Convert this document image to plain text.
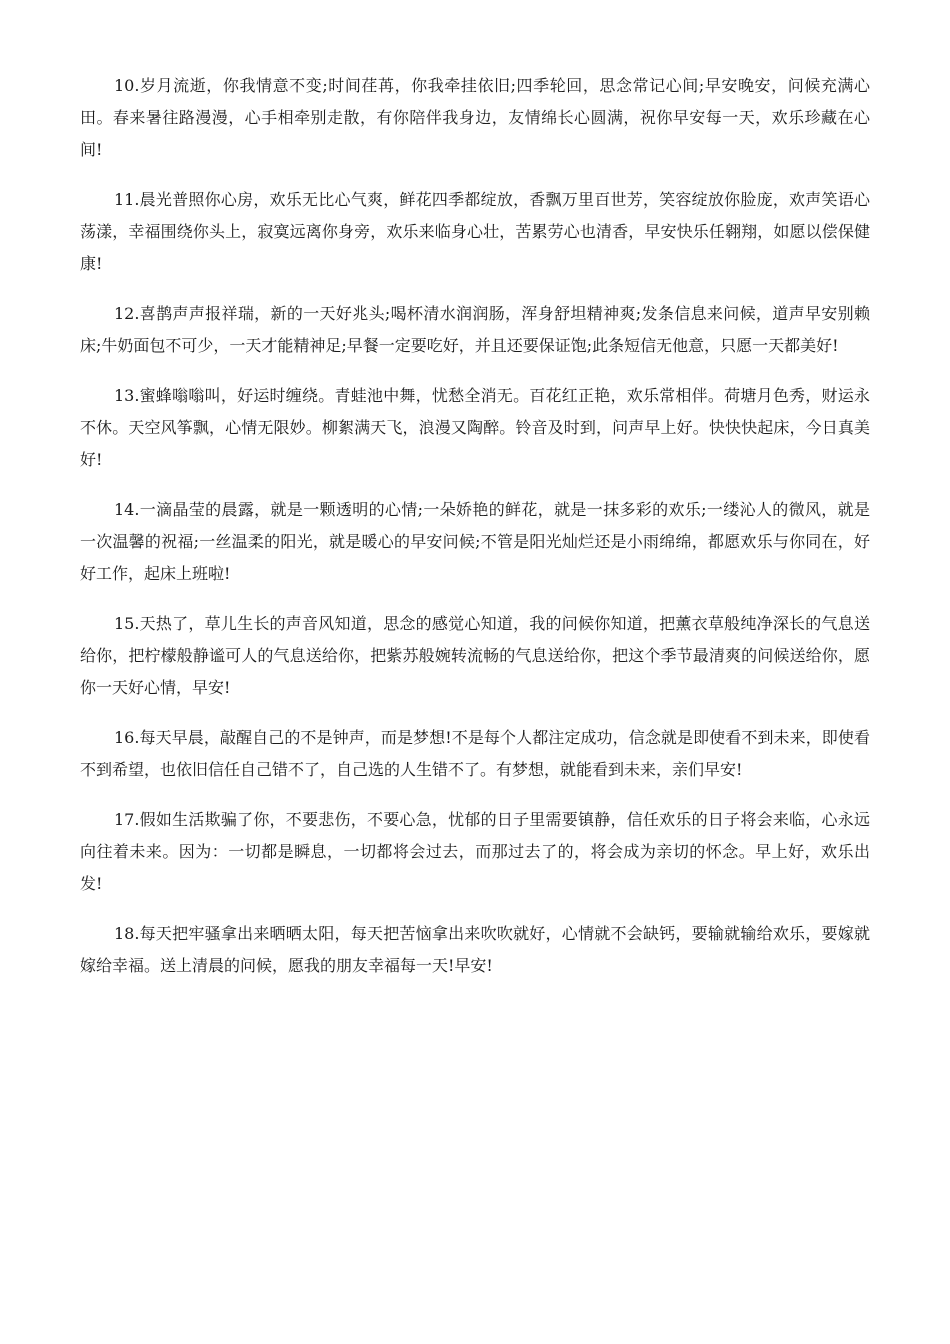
10.岁月流逝，你我情意不变;时间荏苒，你我牵挂依旧;四季轮回，思念常记心间;早安晚安，问候充满心田。春来暑往路漫漫，心手相牵别走散，有你陪伴我身边，友情绵长心圆满，祝你早安每一天，欢乐珍藏在心间!

11.晨光普照你心房，欢乐无比心气爽，鲜花四季都绽放，香飘万里百世芳，笑容绽放你脸庞，欢声笑语心荡漾，幸福围绕你头上，寂寞远离你身旁，欢乐来临身心壮，苦累劳心也清香，早安快乐任翱翔，如愿以偿保健康!

12.喜鹊声声报祥瑞，新的一天好兆头;喝杯清水润润肠，浑身舒坦精神爽;发条信息来问候，道声早安别赖床;牛奶面包不可少，一天才能精神足;早餐一定要吃好，并且还要保证饱;此条短信无他意，只愿一天都美好!

13.蜜蜂嗡嗡叫，好运时缠绕。青蛙池中舞，忧愁全消无。百花红正艳，欢乐常相伴。荷塘月色秀，财运永不休。天空风筝飘，心情无限妙。柳絮满天飞，浪漫又陶醉。铃音及时到，问声早上好。快快快起床，今日真美好!

14.一滴晶莹的晨露，就是一颗透明的心情;一朵娇艳的鲜花，就是一抹多彩的欢乐;一缕沁人的微风，就是一次温馨的祝福;一丝温柔的阳光，就是暖心的早安问候;不管是阳光灿烂还是小雨绵绵，都愿欢乐与你同在，好好工作，起床上班啦!

15.天热了，草儿生长的声音风知道，思念的感觉心知道，我的问候你知道，把薰衣草般纯净深长的气息送给你，把柠檬般静谧可人的气息送给你，把紫苏般婉转流畅的气息送给你，把这个季节最清爽的问候送给你，愿你一天好心情，早安!

16.每天早晨，敲醒自己的不是钟声，而是梦想!不是每个人都注定成功，信念就是即使看不到未来，即使看不到希望，也依旧信任自己错不了，自己选的人生错不了。有梦想，就能看到未来，亲们早安!

17.假如生活欺骗了你，不要悲伤，不要心急，忧郁的日子里需要镇静，信任欢乐的日子将会来临，心永远向往着未来。因为：一切都是瞬息，一切都将会过去，而那过去了的，将会成为亲切的怀念。早上好，欢乐出发!

18.每天把牢骚拿出来晒晒太阳，每天把苦恼拿出来吹吹就好，心情就不会缺钙，要输就输给欢乐，要嫁就嫁给幸福。送上清晨的问候，愿我的朋友幸福每一天!早安!
